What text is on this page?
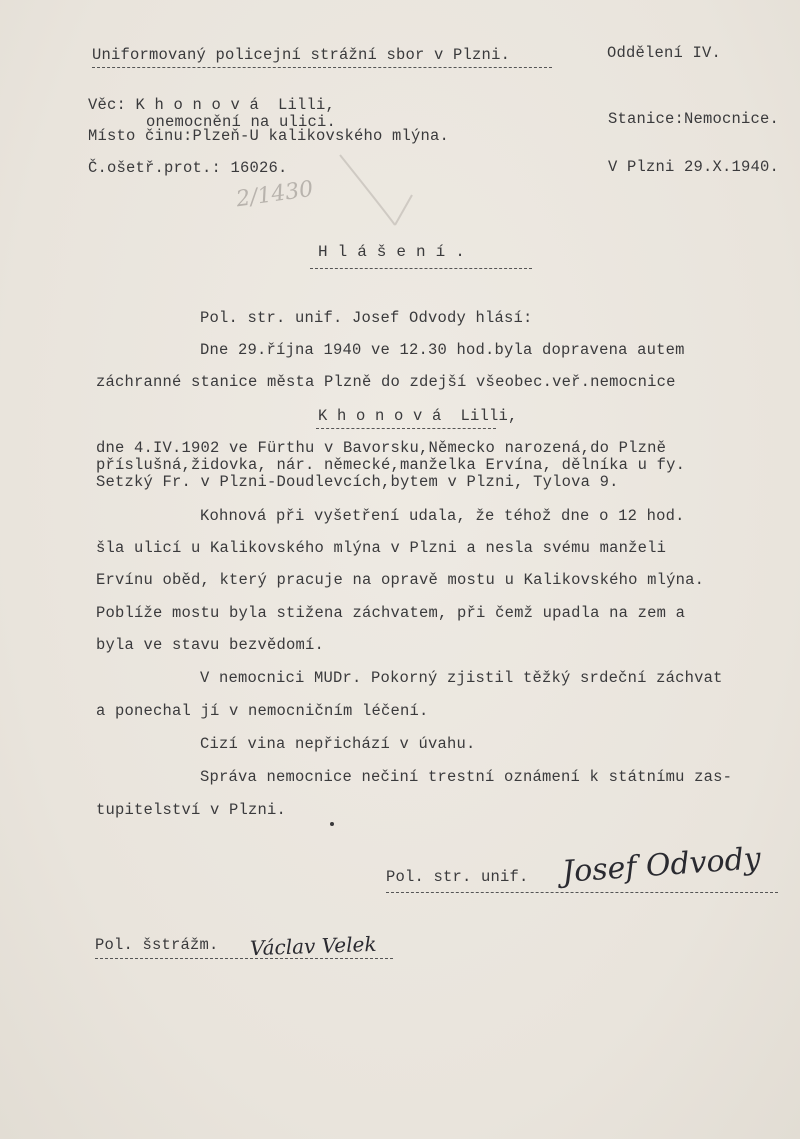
Uniformovaný policejní strážní sbor v Plzni.	Oddělení IV.
Věc: K h o n o v á  Lilli,
onemocnění na ulici.	Stanice:Nemocnice.
Místo činu:Plzeň-U kalikovského mlýna.
Č.ošetř.prot.: 16026.	V Plzni 29.X.1940.
2/1430
H l á š e n í .
Pol. str. unif. Josef Odvody hlásí:
Dne 29.října 1940 ve 12.30 hod.byla dopravena autem
záchranné stanice města Plzně do zdejší všeobec.veř.nemocnice
K h o n o v á  Lilli,
dne 4.IV.1902 ve Fürthu v Bavorsku,Německo narozená,do Plzně
příslušná,židovka, nár. německé,manželka Ervína, dělníka u fy.
Setzký Fr. v Plzni-Doudlevcích,bytem v Plzni, Tylova 9.
Kohnová při vyšetření udala, že téhož dne o 12 hod.
šla ulicí u Kalikovského mlýna v Plzni a nesla svému manželi
Ervínu oběd, který pracuje na opravě mostu u Kalikovského mlýna.
Poblíže mostu byla stižena záchvatem, při čemž upadla na zem a
byla ve stavu bezvědomí.
V nemocnici MUDr. Pokorný zjistil těžký srdeční záchvat
a ponechal jí v nemocničním léčení.
Cizí vina nepřichází v úvahu.
Správa nemocnice nečiní trestní oznámení k státnímu zas-
tupitelství v Plzni.
Pol. str. unif. Josef Odvody
Pol. šstrážm. Václav Velek
